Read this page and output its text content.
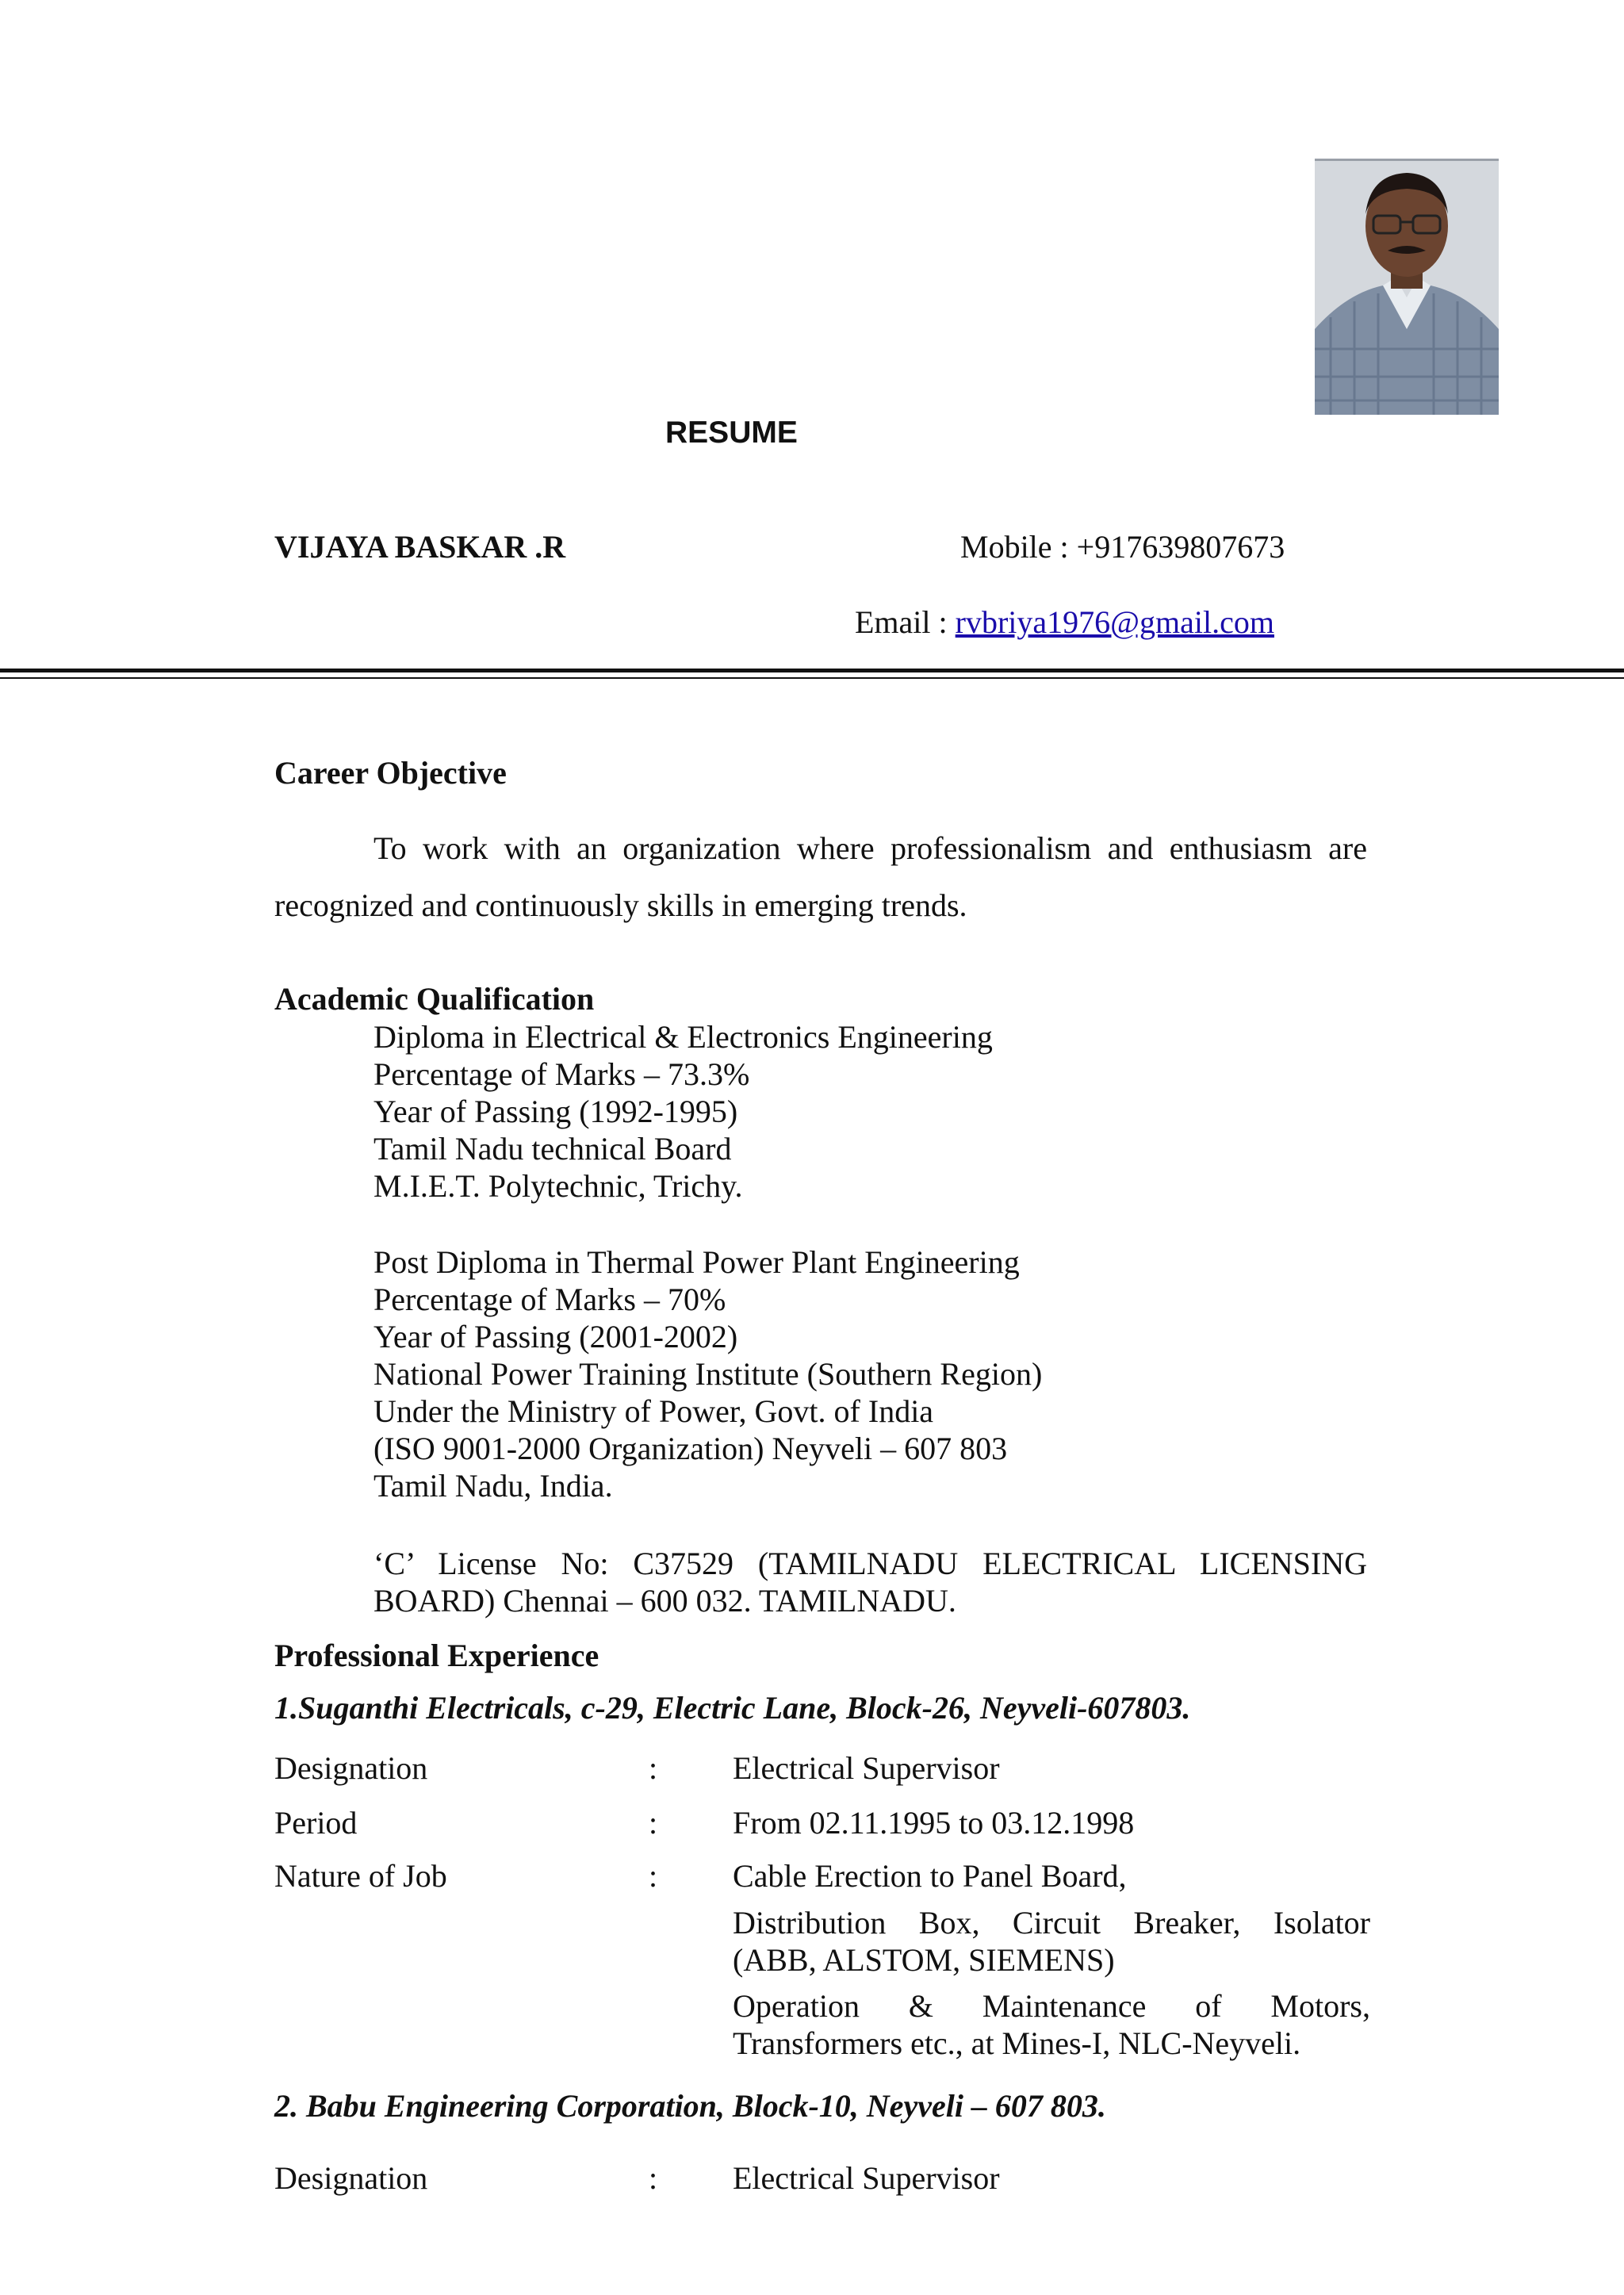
RESUME
VIJAYA BASKAR .R	Mobile : +917639807673
Email : rvbriya1976@gmail.com
Career Objective
To work with an organization where professionalism and enthusiasm are
recognized and continuously skills in emerging trends.
Academic Qualification
Diploma in Electrical & Electronics Engineering
Percentage of Marks – 73.3%
Year of Passing (1992-1995)
Tamil Nadu technical Board
M.I.E.T. Polytechnic, Trichy.
Post Diploma in Thermal Power Plant Engineering
Percentage of Marks – 70%
Year of Passing (2001-2002)
National Power Training Institute (Southern Region)
Under the Ministry of Power, Govt. of India
(ISO 9001-2000 Organization) Neyveli – 607 803
Tamil Nadu, India.
‘C’ License No: C37529 (TAMILNADU ELECTRICAL LICENSING
BOARD) Chennai – 600 032. TAMILNADU.
Professional Experience
1.Suganthi Electricals, c-29, Electric Lane, Block-26, Neyveli-607803.
Designation	: Electrical Supervisor
Period	: From 02.11.1995 to 03.12.1998
Nature of Job	: Cable Erection to Panel Board,
Distribution Box, Circuit Breaker, Isolator
(ABB, ALSTOM, SIEMENS)
Operation & Maintenance of Motors,
Transformers etc., at Mines-I, NLC-Neyveli.
2. Babu Engineering Corporation, Block-10, Neyveli – 607 803.
Designation	: Electrical Supervisor
